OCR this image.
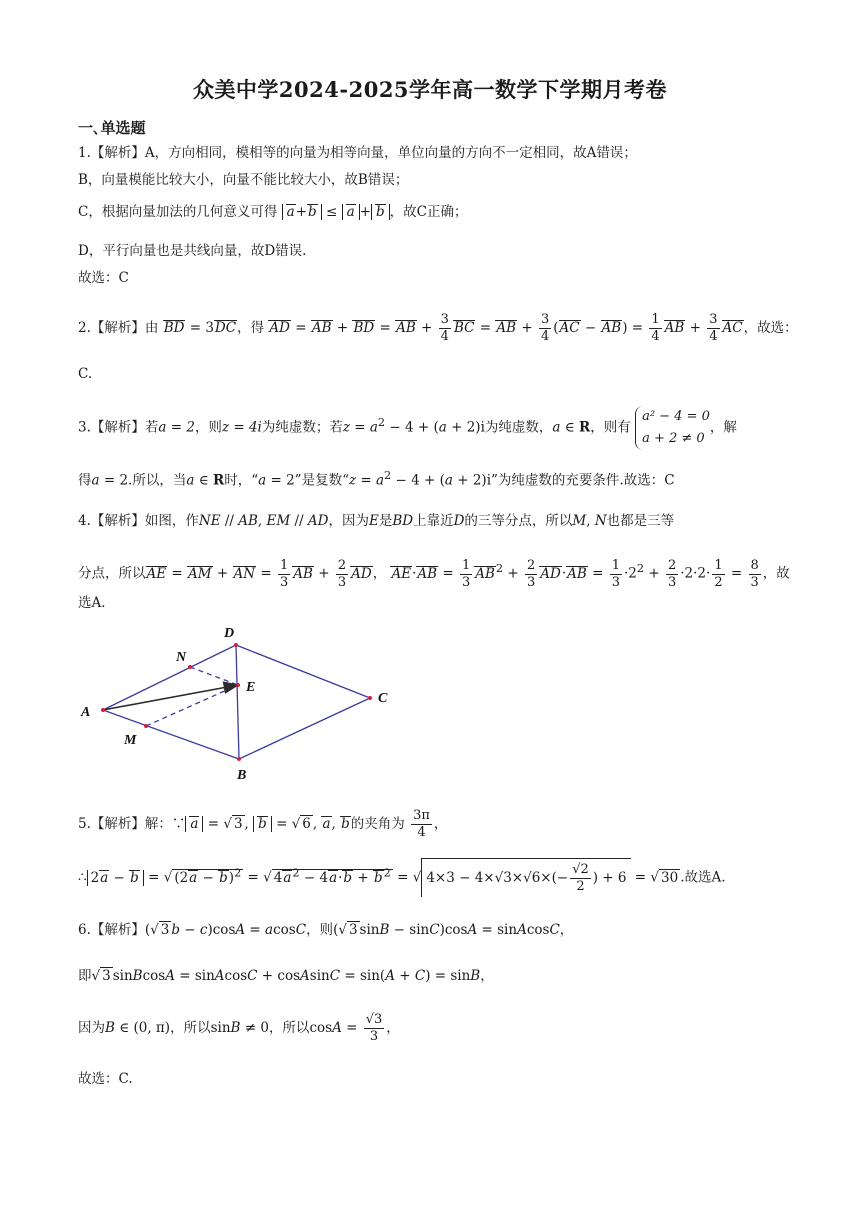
众美中学2024-2025学年高一数学下学期月考卷
一､单选题
1.【解析】A，方向相同，模相等的向量为相等向量，单位向量的方向不一定相同，故A错误；
B，向量模能比较大小，向量不能比较大小，故B错误；
C，根据向量加法的几何意义可得 a+b ≤ a + b ，故C正确；
D，平行向量也是共线向量，故D错误.
故选：C
2.【解析】由 BD = 3DC，得 AD = AB + BD = AB + $\frac{3}{4}$ BC = AB + $\frac{3}{4} (AC - AB) = \frac{1}{4}$ AB + $\frac{3}{4}$ AC，故选：
C.
3.【解析】若a = 2，则z = 4i为纯虚数；若$z = a^2 - 4 + (a + 2)i$为纯虚数，a ∈ R，则有
a² − 4 = 0
a + 2 ≠ 0
，解
得a = 2.所以，当a ∈ R时，“a = 2”是复数“$z = a^2 - 4 + (a + 2)i$”为纯虚数的充要条件.故选：C
4.【解析】如图，作NE // AB, EM // AD，因为E是BD上靠近D的三等分点，所以M, N也都是三等
分点，所以AE = AM + AN = $\frac{1}{3}$ AB + $\frac{2}{3}$ AD， $AE\cdot AB = \frac{1}{3} AB^2 + \frac{2}{3} AD\cdot AB = \frac{1}{3} \cdot 2^2 + \frac{2}{3} \cdot 2\cdot 2\cdot \frac{1}{2} = \frac{8}{3}$ ，故
选A.
A
B
C
D
E
M
N
5.【解析】解：∵ a = √ 3 , b = √ 6 , a, b的夹角为 $\frac{3\pi}{4}$ ，
∴ 2a − b = √ $(2a - b)^2$ = √ $4a^2 - 4a\cdot b + b^2$ = √ $4\times 3 - 4\times√3\times√6\times(- \frac{√2}{2}$ ) + 6 = √ 30 .故选A.
6.【解析】(√ 3 b − c)cosA = acosC，则(√ 3 sinB − sinC)cosA = sinAcosC，
即√ 3 sinBcosA = sinAcosC + cosAsinC = sin(A + C) = sinB，
因为B ∈ (0, π)，所以sinB ≠ 0，所以$\cos A = \frac{√3}{3}$ ，
故选：C.
